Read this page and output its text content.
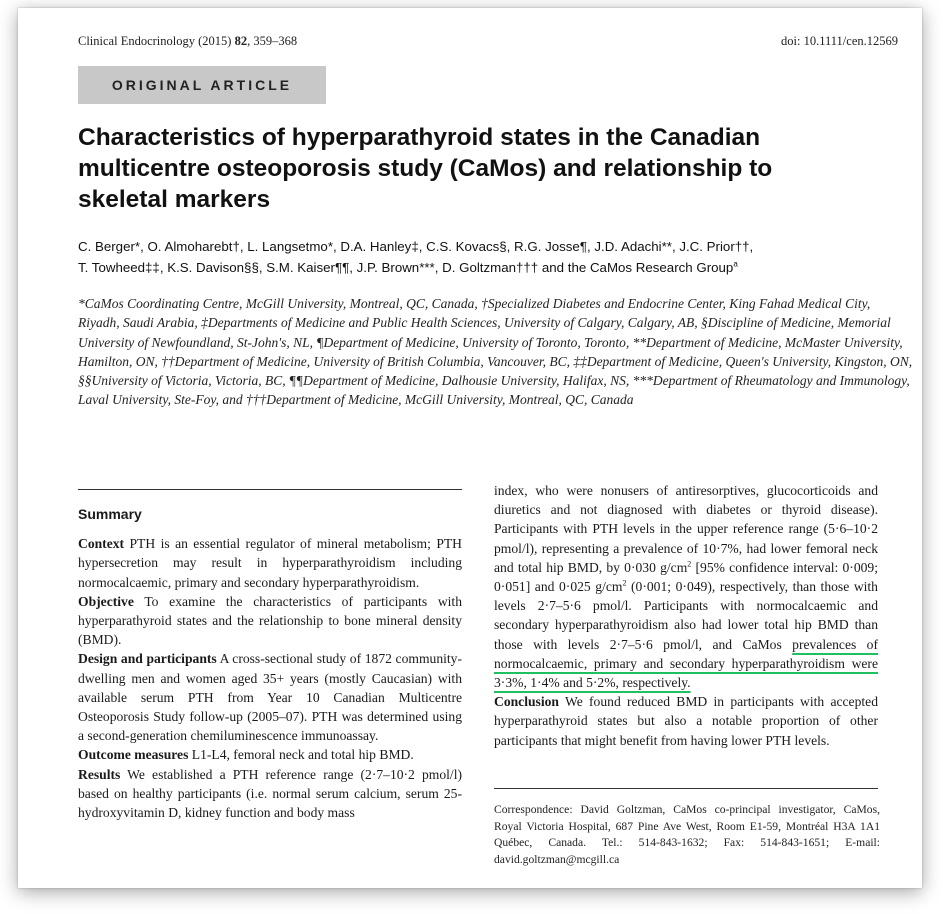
Clinical Endocrinology (2015) 82, 359–368	doi: 10.1111/cen.12569
ORIGINAL ARTICLE
Characteristics of hyperparathyroid states in the Canadian multicentre osteoporosis study (CaMos) and relationship to skeletal markers
C. Berger*, O. Almoharebt†, L. Langsetmo*, D.A. Hanley‡, C.S. Kovacs§, R.G. Josse¶, J.D. Adachi**, J.C. Prior††,
T. Towheed‡‡, K.S. Davison§§, S.M. Kaiser¶¶, J.P. Brown***, D. Goltzman††† and the CaMos Research Group$^a$
*CaMos Coordinating Centre, McGill University, Montreal, QC, Canada, †Specialized Diabetes and Endocrine Center, King Fahad Medical City, Riyadh, Saudi Arabia, ‡Departments of Medicine and Public Health Sciences, University of Calgary, Calgary, AB, §Discipline of Medicine, Memorial University of Newfoundland, St-John's, NL, ¶Department of Medicine, University of Toronto, Toronto, **Department of Medicine, McMaster University, Hamilton, ON, ††Department of Medicine, University of British Columbia, Vancouver, BC, ‡‡Department of Medicine, Queen's University, Kingston, ON, §§University of Victoria, Victoria, BC, ¶¶Department of Medicine, Dalhousie University, Halifax, NS, ***Department of Rheumatology and Immunology, Laval University, Ste-Foy, and †††Department of Medicine, McGill University, Montreal, QC, Canada
Summary

Context PTH is an essential regulator of mineral metabolism; PTH hypersecretion may result in hyperparathyroidism including normocalcaemic, primary and secondary hyperparathyroidism.

Objective To examine the characteristics of participants with hyperparathyroid states and the relationship to bone mineral density (BMD).

Design and participants A cross-sectional study of 1872 community-dwelling men and women aged 35+ years (mostly Caucasian) with available serum PTH from Year 10 Canadian Multicentre Osteoporosis Study follow-up (2005–07). PTH was determined using a second-generation chemiluminescence immunoassay.

Outcome measures L1-L4, femoral neck and total hip BMD.

Results We established a PTH reference range (2·7–10·2 pmol/l) based on healthy participants (i.e. normal serum calcium, serum 25-hydroxyvitamin D, kidney function and body mass

index, who were nonusers of antiresorptives, glucocorticoids and diuretics and not diagnosed with diabetes or thyroid disease). Participants with PTH levels in the upper reference range (5·6–10·2 pmol/l), representing a prevalence of 10·7%, had lower femoral neck and total hip BMD, by 0·030 $g/cm^2$ [95% confidence interval: 0·009; 0·051] and 0·025 $g/cm^2$ (0·001; 0·049), respectively, than those with levels 2·7–5·6 pmol/l. Participants with normocalcaemic and secondary hyperparathyroidism also had lower total hip BMD than those with levels 2·7–5·6 pmol/l, and CaMos prevalences of normocalcaemic, primary and secondary hyperparathyroidism were 3·3%, 1·4% and 5·2%, respectively.

Conclusion We found reduced BMD in participants with accepted hyperparathyroid states but also a notable proportion of other participants that might benefit from having lower PTH levels.

Correspondence: David Goltzman, CaMos co-principal investigator, CaMos, Royal Victoria Hospital, 687 Pine Ave West, Room E1-59, Montréal H3A 1A1 Québec, Canada. Tel.: 514-843-1632; Fax: 514-843-1651; E-mail: david.goltzman@mcgill.ca
